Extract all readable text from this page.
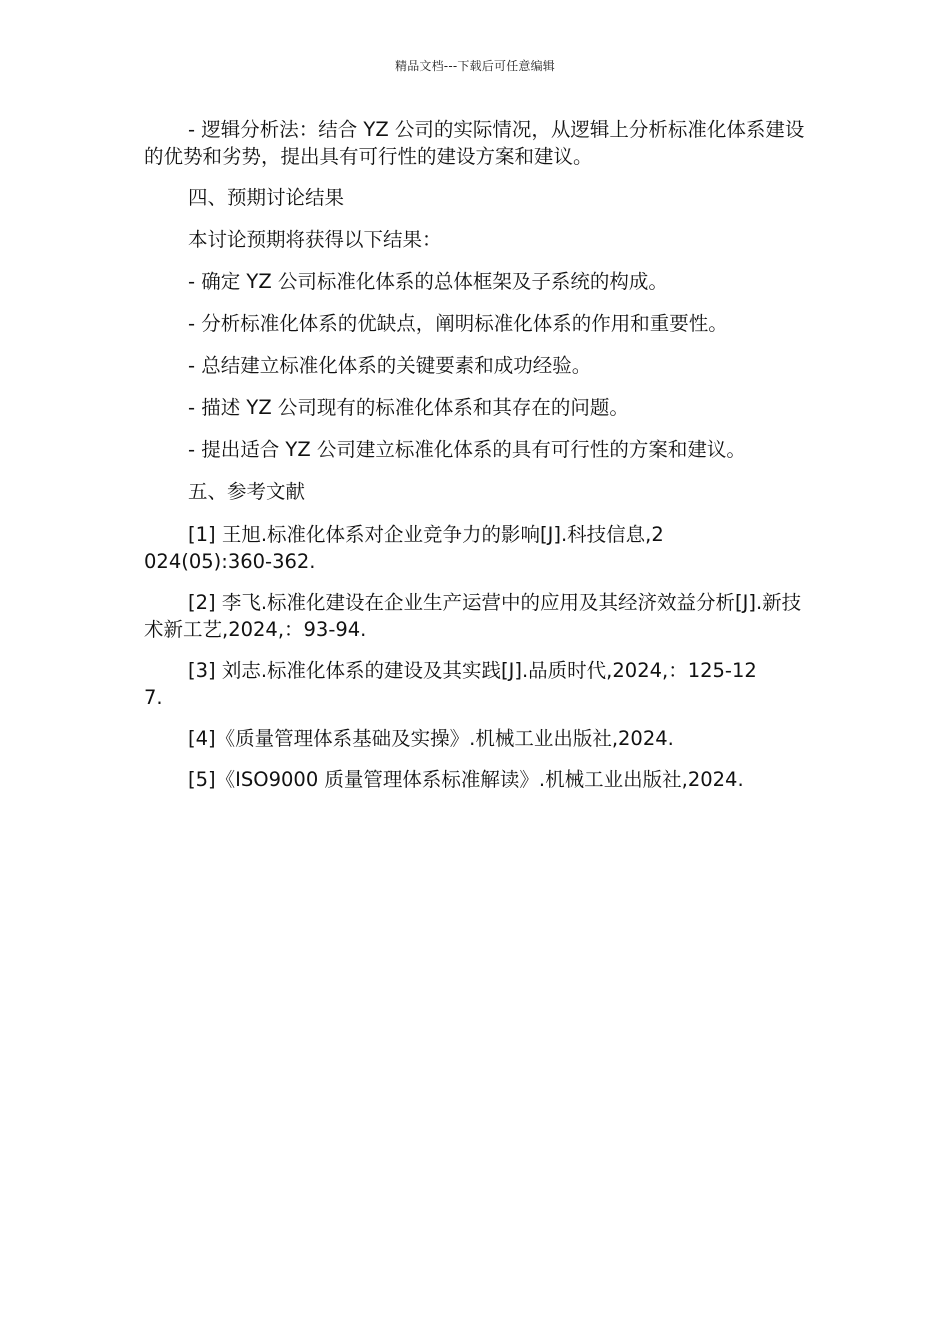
精品文档---下载后可任意编辑

- 逻辑分析法：结合 YZ 公司的实际情况，从逻辑上分析标准化体系建设的优势和劣势，提出具有可行性的建设方案和建议。

四、预期讨论结果

本讨论预期将获得以下结果：

- 确定 YZ 公司标准化体系的总体框架及子系统的构成。

- 分析标准化体系的优缺点，阐明标准化体系的作用和重要性。

- 总结建立标准化体系的关键要素和成功经验。

- 描述 YZ 公司现有的标准化体系和其存在的问题。

- 提出适合 YZ 公司建立标准化体系的具有可行性的方案和建议。

五、参考文献

[1] 王旭.标准化体系对企业竞争力的影响[J].科技信息,2024(05):360-362.

[2] 李飞.标准化建设在企业生产运营中的应用及其经济效益分析[J].新技术新工艺,2024,：93-94.

[3] 刘志.标准化体系的建设及其实践[J].品质时代,2024,：125-127.

[4]《质量管理体系基础及实操》.机械工业出版社,2024.

[5]《ISO9000 质量管理体系标准解读》.机械工业出版社,2024.
